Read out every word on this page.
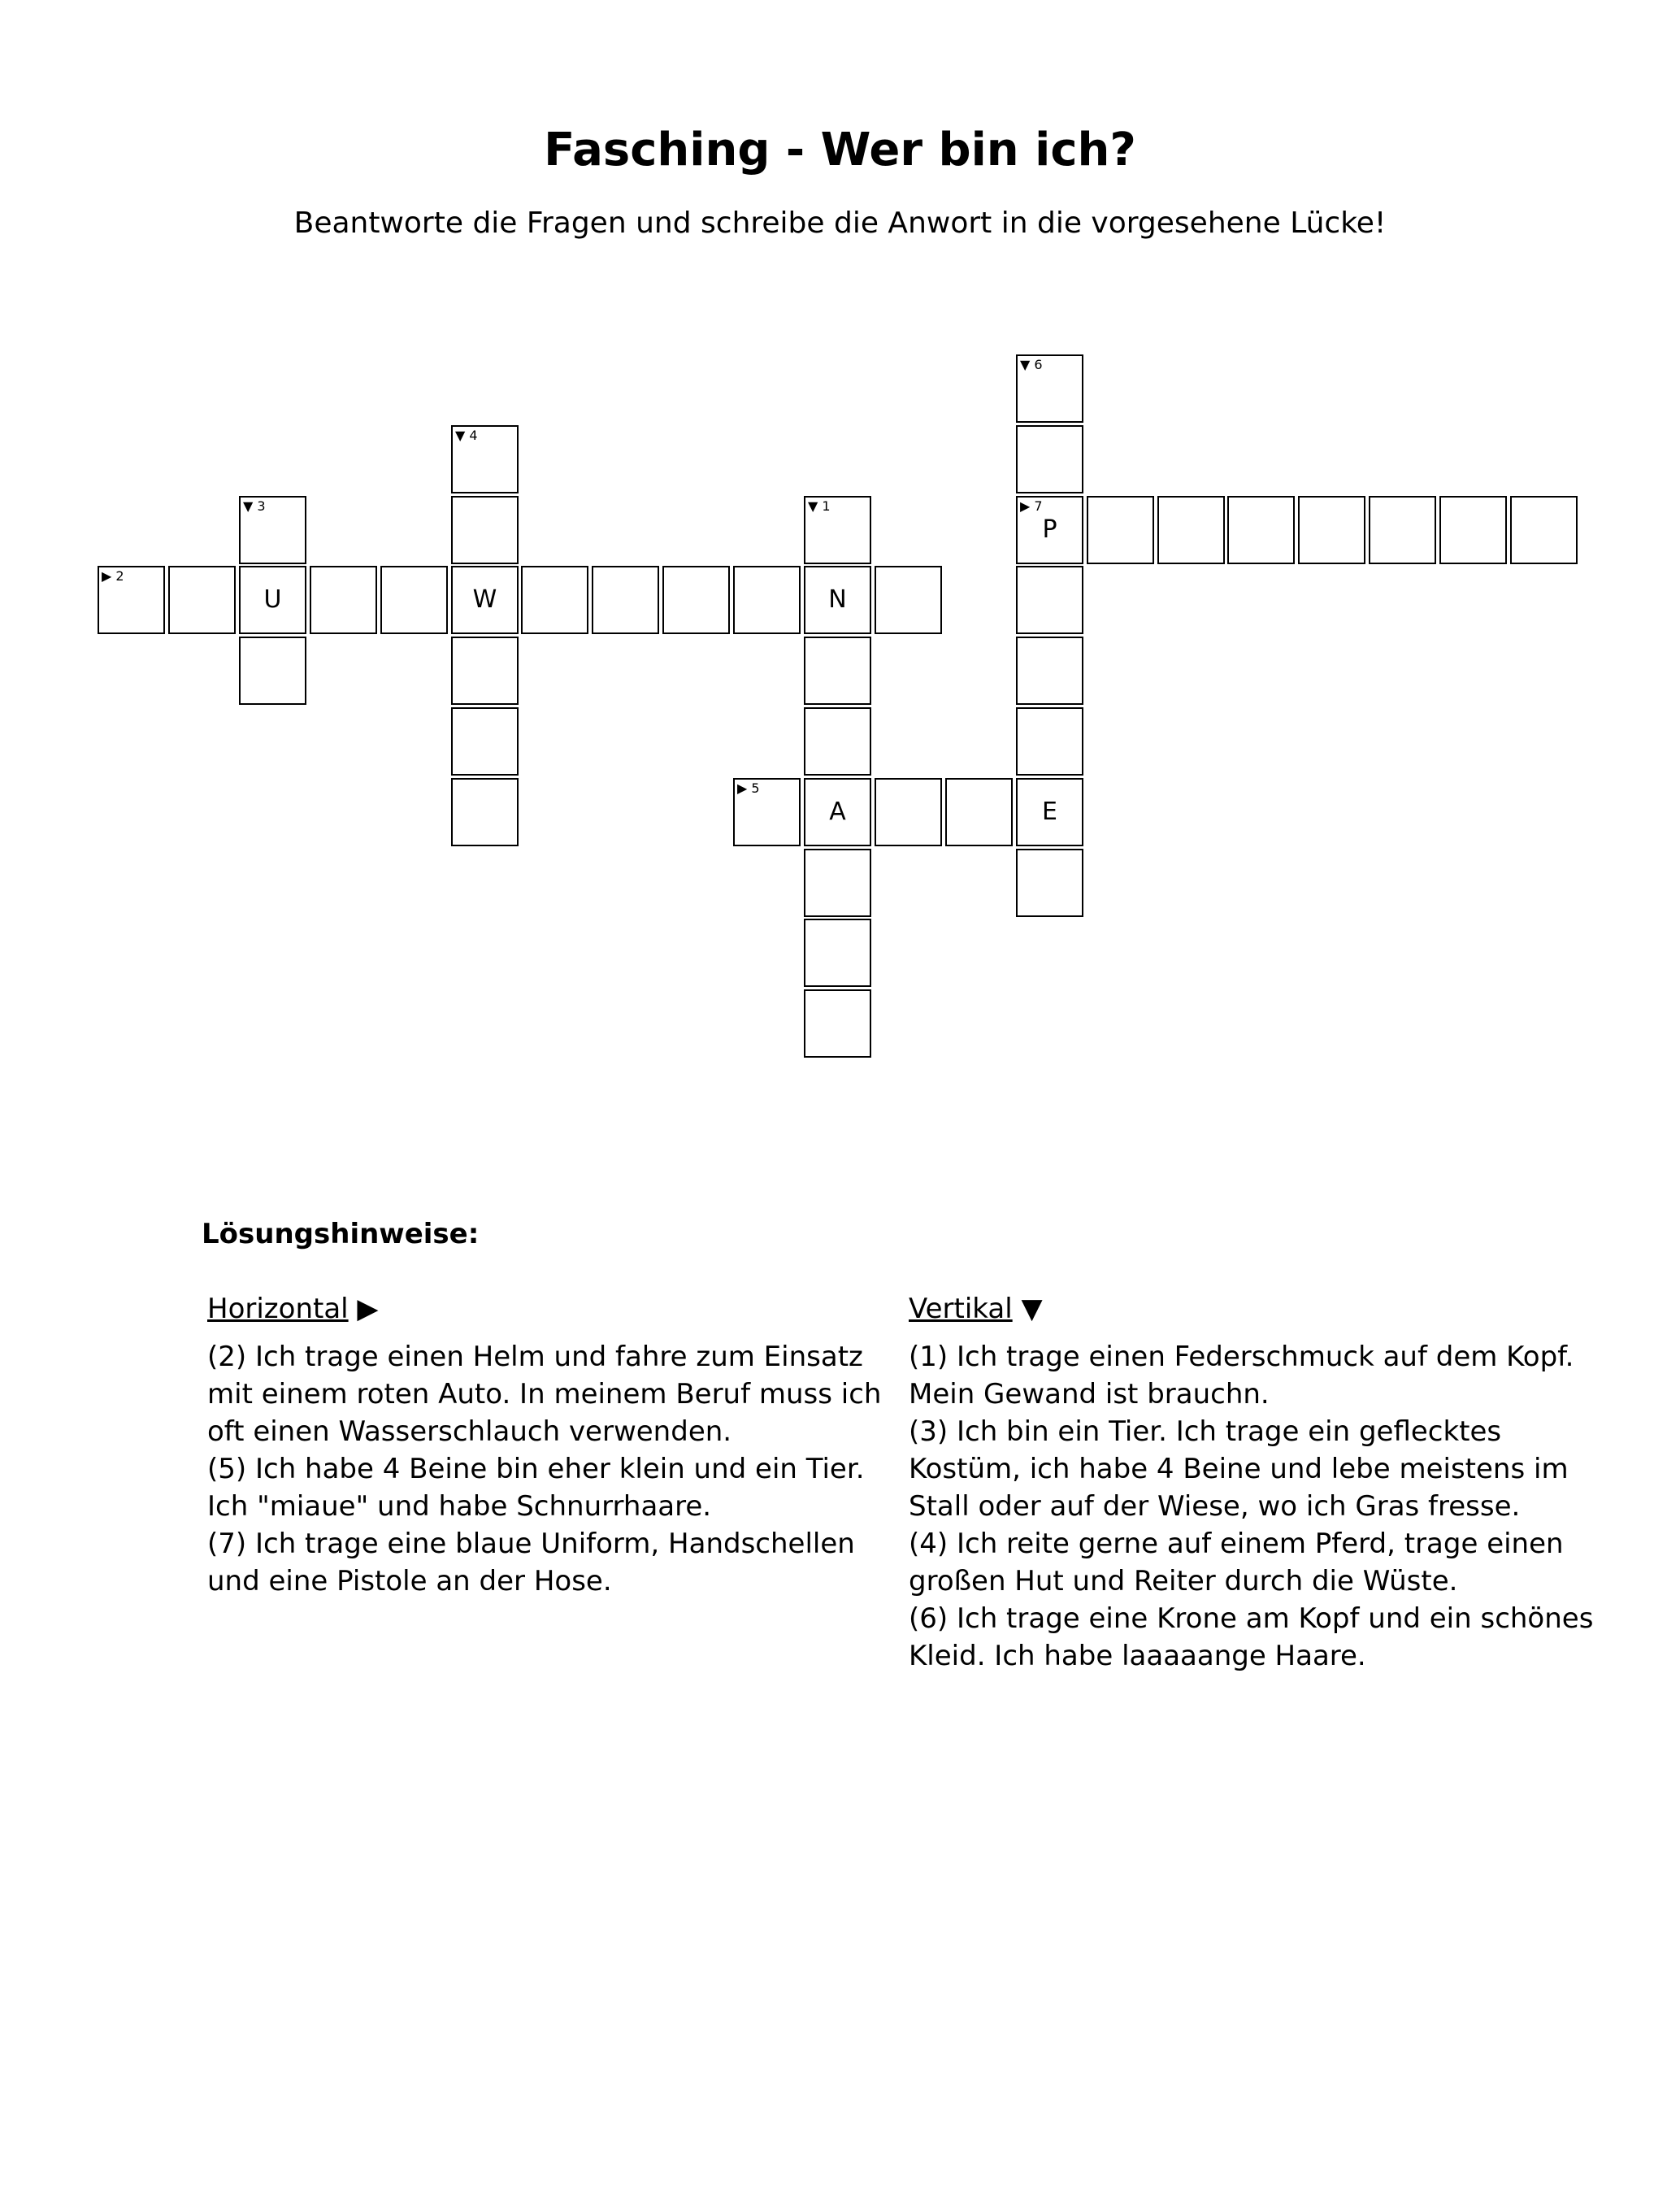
Fasching - Wer bin ich?
Beantworte die Fragen und schreibe die Anwort in die vorgesehene Lücke!
▼ 6
▼ 4
▼ 3	▼ 1	▶ 7
P
▶ 2
U	W	N
▶ 5
A	E
Lösungshinweise:
Horizontal ▶
(2) Ich trage einen Helm und fahre zum Einsatz mit einem roten Auto. In meinem Beruf muss ich oft einen Wasserschlauch verwenden.
(5) Ich habe 4 Beine bin eher klein und ein Tier. Ich "miaue" und habe Schnurrhaare.
(7) Ich trage eine blaue Uniform, Handschellen und eine Pistole an der Hose.
Vertikal ▼
(1) Ich trage einen Federschmuck auf dem Kopf. Mein Gewand ist brauchn.
(3) Ich bin ein Tier. Ich trage ein geflecktes Kostüm, ich habe 4 Beine und lebe meistens im Stall oder auf der Wiese, wo ich Gras fresse.
(4) Ich reite gerne auf einem Pferd, trage einen großen Hut und Reiter durch die Wüste.
(6) Ich trage eine Krone am Kopf und ein schönes Kleid. Ich habe laaaaange Haare.
